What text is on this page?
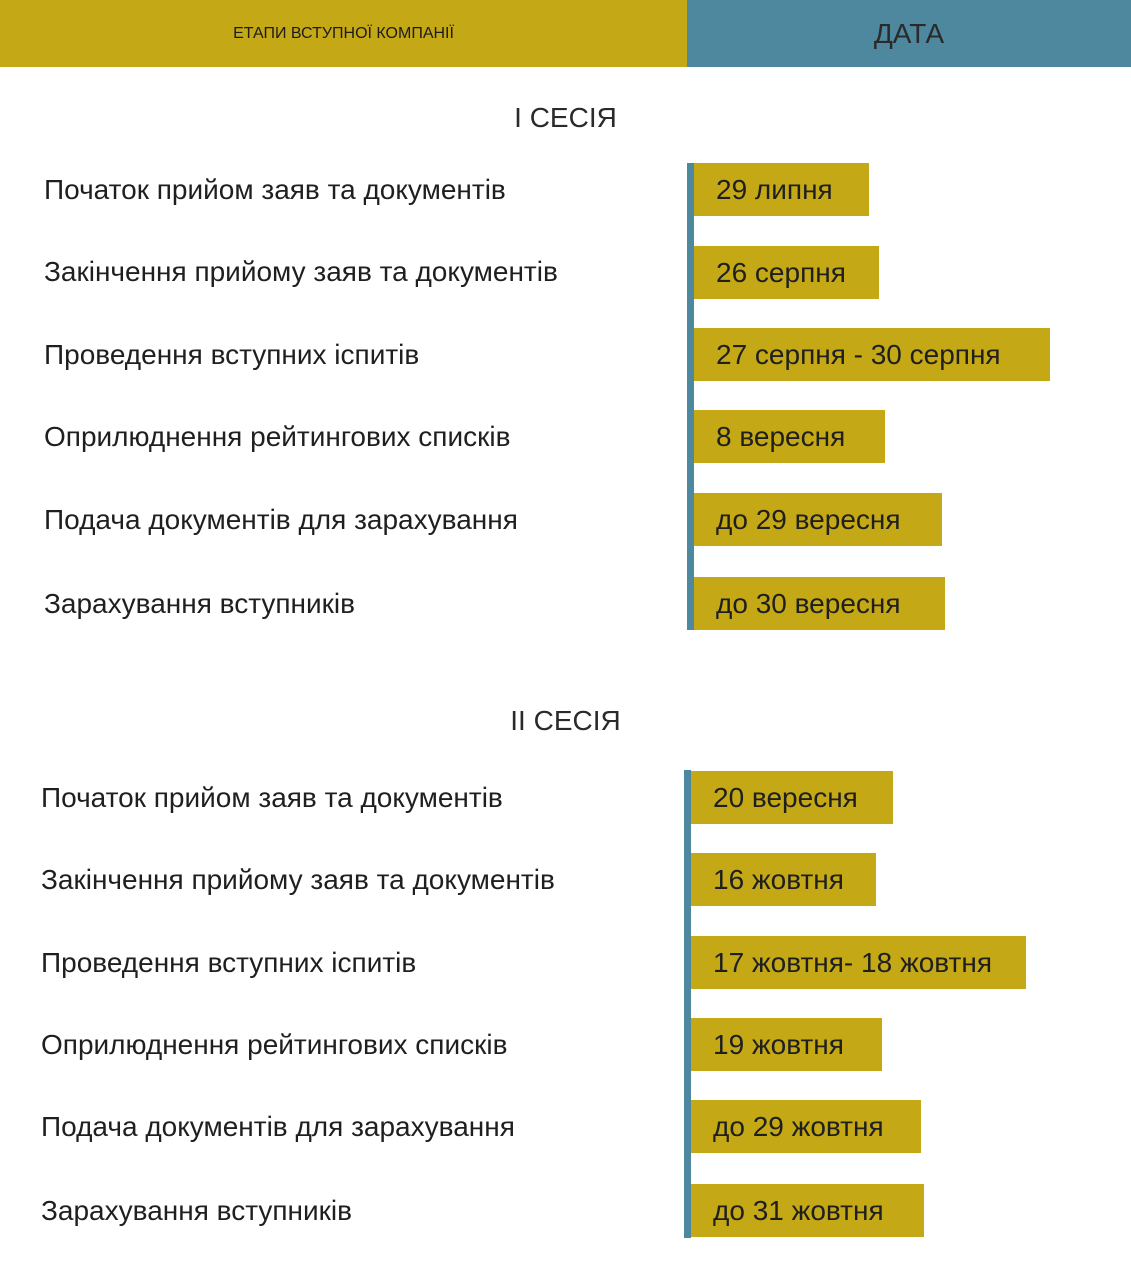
ЕТАПИ ВСТУПНОЇ КОМПАНІЇ	ДАТА
I СЕСІЯ
Початок прийом заяв та документів	29 липня
Закінчення прийому заяв та документів	26 серпня
Проведення вступних іспитів	27 серпня - 30 серпня
Оприлюднення рейтингових списків	8 вересня
Подача документів для зарахування	до 29 вересня
Зарахування вступників	до 30 вересня
II СЕСІЯ
Початок прийом заяв та документів	20 вересня
Закінчення прийому заяв та документів	16 жовтня
Проведення вступних іспитів	17 жовтня- 18 жовтня
Оприлюднення рейтингових списків	19 жовтня
Подача документів для зарахування	до 29 жовтня
Зарахування вступників	до 31 жовтня
